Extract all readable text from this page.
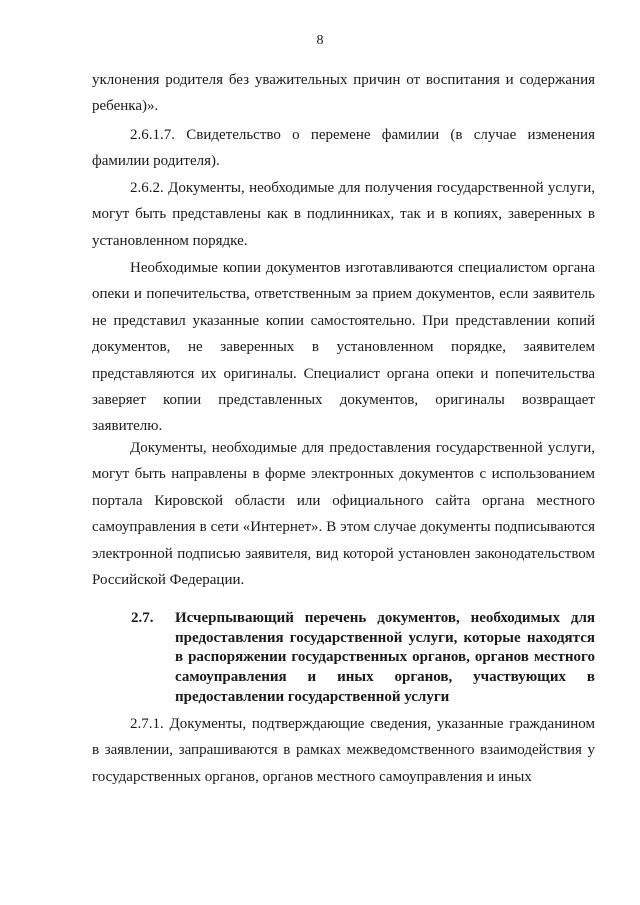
8
уклонения родителя без уважительных причин от воспитания и содержания ребенка)».
2.6.1.7. Свидетельство о перемене фамилии (в случае изменения фамилии родителя).
2.6.2. Документы, необходимые для получения государственной услуги, могут быть представлены как в подлинниках, так и в копиях, заверенных в установленном порядке.
Необходимые копии документов изготавливаются специалистом органа опеки и попечительства, ответственным за прием документов, если заявитель не представил указанные копии самостоятельно. При представлении копий документов, не заверенных в установленном порядке, заявителем представляются их оригиналы. Специалист органа опеки и попечительства заверяет копии представленных документов, оригиналы возвращает заявителю.
Документы, необходимые для предоставления государственной услуги, могут быть направлены в форме электронных документов с использованием портала Кировской области или официального сайта органа местного самоуправления в сети «Интернет». В этом случае документы подписываются электронной подписью заявителя, вид которой установлен законодательством Российской Федерации.
2.7. Исчерпывающий перечень документов, необходимых для предоставления государственной услуги, которые находятся в распоряжении государственных органов, органов местного самоуправления и иных органов, участвующих в предоставлении государственной услуги
2.7.1. Документы, подтверждающие сведения, указанные гражданином в заявлении, запрашиваются в рамках межведомственного взаимодействия у государственных органов, органов местного самоуправления и иных
